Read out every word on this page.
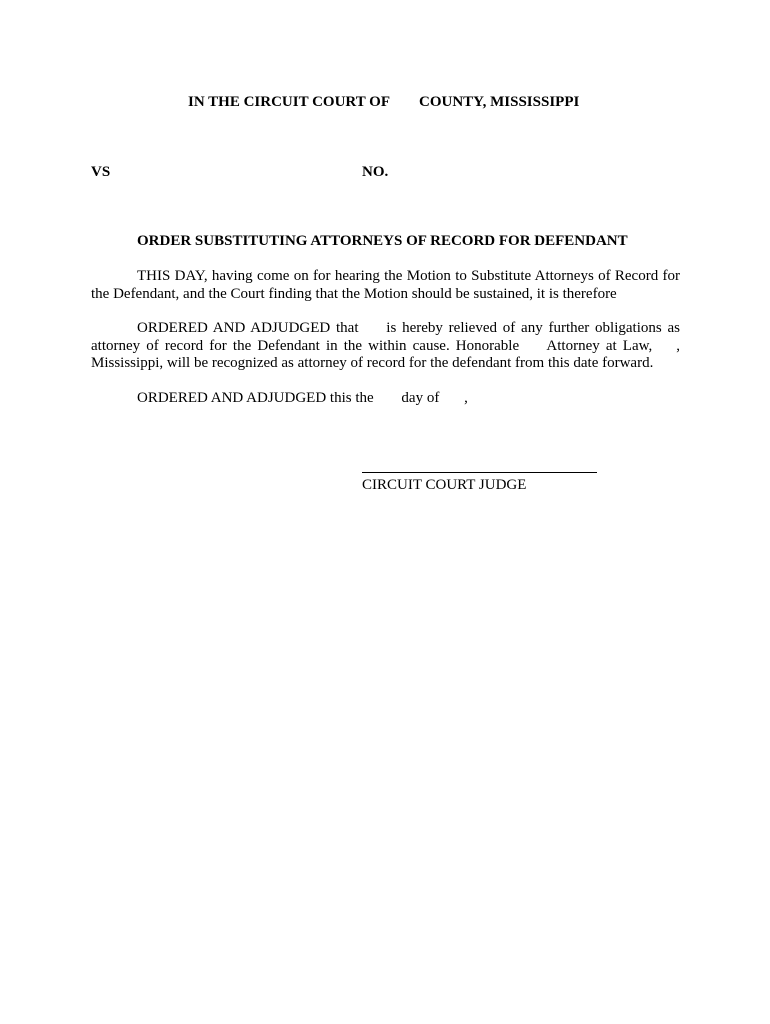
IN THE CIRCUIT COURT OF COUNTY, MISSISSIPPI
VS	NO.
ORDER SUBSTITUTING ATTORNEYS OF RECORD FOR DEFENDANT
THIS DAY, having come on for hearing the Motion to Substitute Attorneys of Record for the Defendant, and the Court finding that the Motion should be sustained, it is therefore
ORDERED AND ADJUDGED that is hereby relieved of any further obligations as attorney of record for the Defendant in the within cause. Honorable Attorney at Law, , Mississippi, will be recognized as attorney of record for the defendant from this date forward.
ORDERED AND ADJUDGED this the day of ,
CIRCUIT COURT JUDGE
